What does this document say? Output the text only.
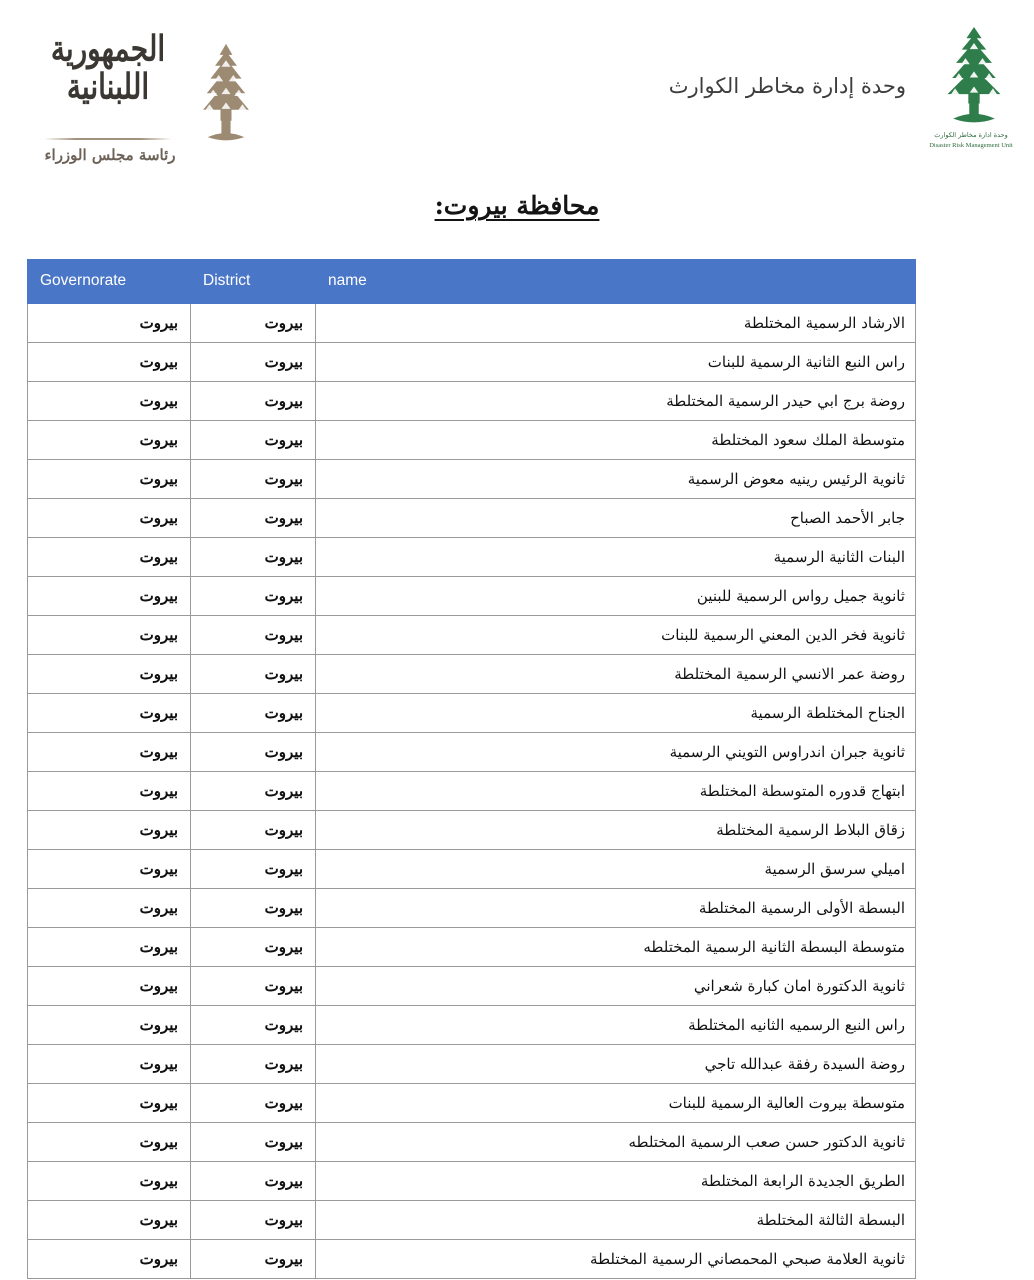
الجمهورية
اللبنانية
رئاسة مجلس الوزراء
وحدة إدارة مخاطر الكوارث
وحدة ادارة مخاطر الكوارث
Disaster Risk Management Unit
محافظة بيروت:
Governorate	District	name
بيروت	بيروت	الارشاد الرسمية المختلطة
بيروت	بيروت	راس النبع الثانية الرسمية للبنات
بيروت	بيروت	روضة برج ابي حيدر الرسمية المختلطة
بيروت	بيروت	متوسطة الملك سعود المختلطة
بيروت	بيروت	ثانوية الرئيس رينيه معوض الرسمية
بيروت	بيروت	جابر الأحمد الصباح
بيروت	بيروت	البنات الثانية الرسمية
بيروت	بيروت	ثانوية جميل رواس الرسمية للبنين
بيروت	بيروت	ثانوية فخر الدين المعني الرسمية للبنات
بيروت	بيروت	روضة عمر الانسي الرسمية المختلطة
بيروت	بيروت	الجناح المختلطة الرسمية
بيروت	بيروت	ثانوية جبران اندراوس التويني الرسمية
بيروت	بيروت	ابتهاج قدوره المتوسطة المختلطة
بيروت	بيروت	زقاق البلاط الرسمية المختلطة
بيروت	بيروت	اميلي سرسق الرسمية
بيروت	بيروت	البسطة الأولى الرسمية المختلطة
بيروت	بيروت	متوسطة البسطة الثانية الرسمية المختلطه
بيروت	بيروت	ثانوية الدكتورة امان كبارة شعراني
بيروت	بيروت	راس النبع الرسميه الثانيه المختلطة
بيروت	بيروت	روضة السيدة رفقة عبدالله تاجي
بيروت	بيروت	متوسطة بيروت العالية الرسمية للبنات
بيروت	بيروت	ثانوية الدكتور حسن صعب الرسمية المختلطه
بيروت	بيروت	الطريق الجديدة الرابعة المختلطة
بيروت	بيروت	البسطة الثالثة المختلطة
بيروت	بيروت	ثانوية العلامة صبحي المحمصاني الرسمية المختلطة
